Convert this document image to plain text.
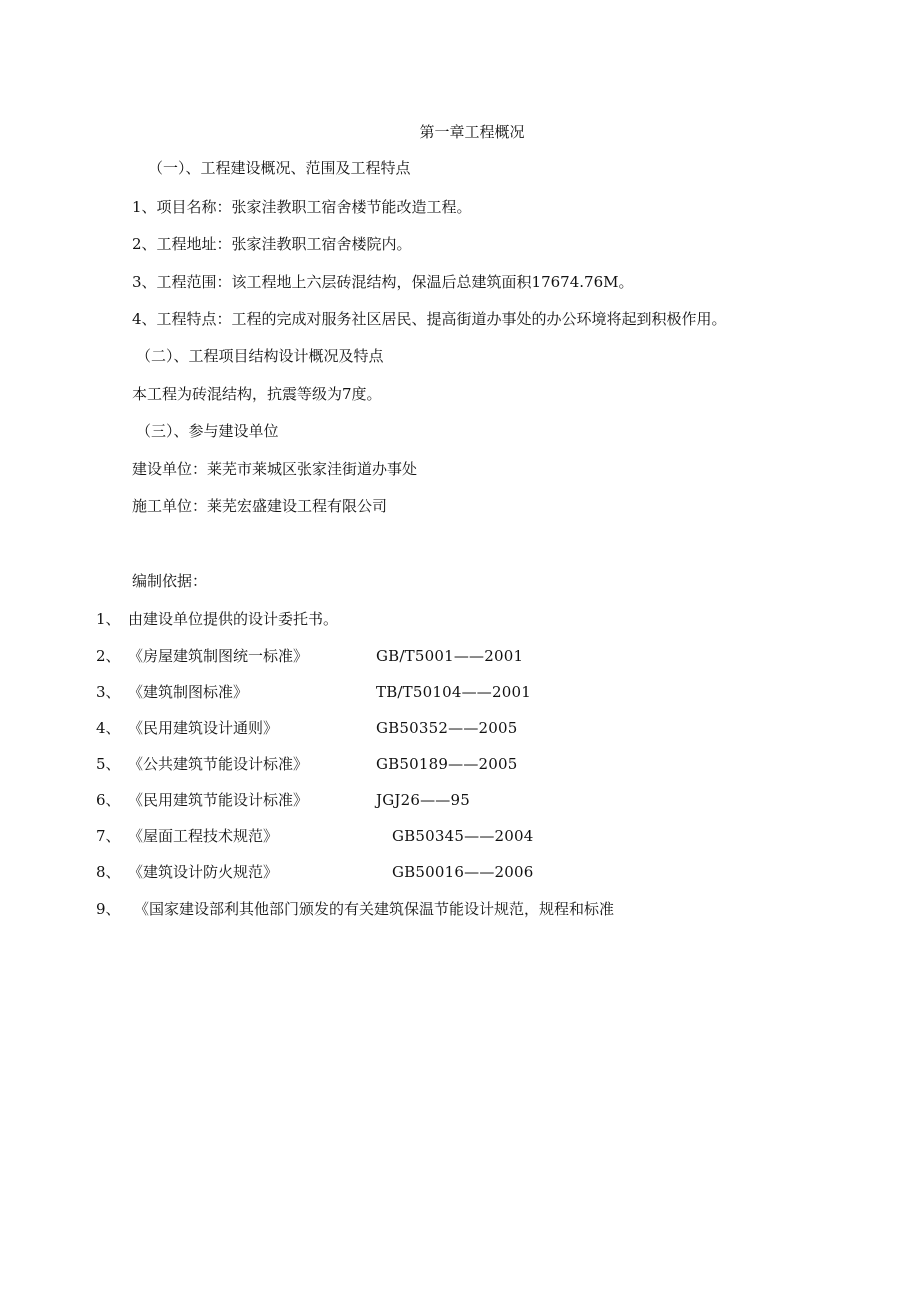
第一章工程概况
（一）、工程建设概况、范围及工程特点
1、项目名称：张家洼教职工宿舍楼节能改造工程。
2、工程地址：张家洼教职工宿舍楼院内。
3、工程范围：该工程地上六层砖混结构，保温后总建筑面积17674.76M。
4、工程特点：工程的完成对服务社区居民、提高街道办事处的办公环境将起到积极作用。
（二）、工程项目结构设计概况及特点
本工程为砖混结构，抗震等级为7度。
（三）、参与建设单位
建设单位：莱芜市莱城区张家洼街道办事处
施工单位：莱芜宏盛建设工程有限公司
编制依据：
1、 由建设单位提供的设计委托书。
2、 《房屋建筑制图统一标准》	GB/T5001——2001
3、 《建筑制图标准》	TB/T50104——2001
4、 《民用建筑设计通则》	GB50352——2005
5、 《公共建筑节能设计标准》	GB50189——2005
6、 《民用建筑节能设计标准》	JGJ26——95
7、 《屋面工程技术规范》	GB50345——2004
8、 《建筑设计防火规范》	GB50016——2006
9、 《国家建设部利其他部门颁发的有关建筑保温节能设计规范，规程和标准
